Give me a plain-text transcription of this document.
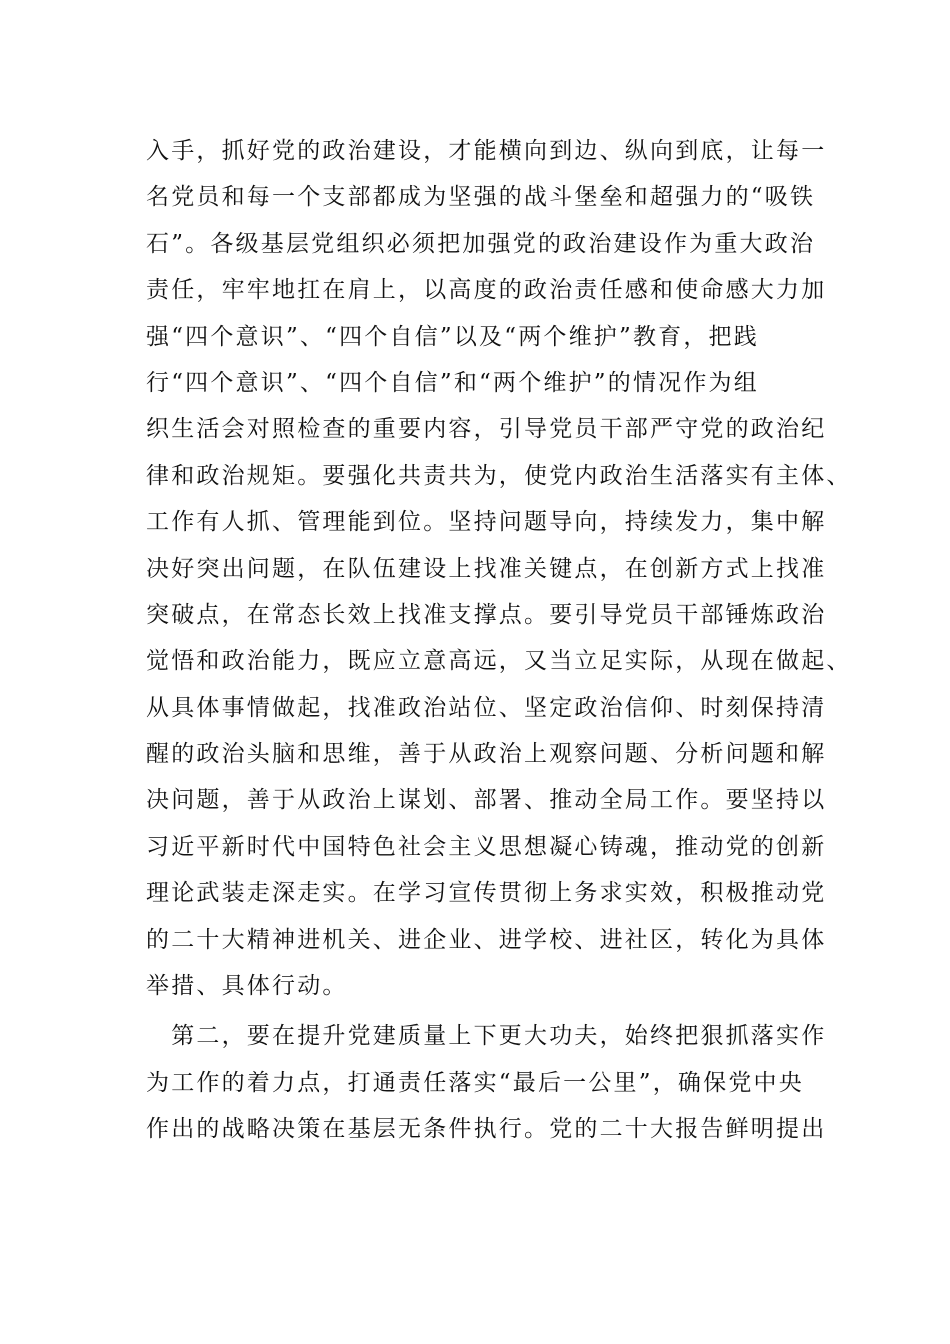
入手，抓好党的政治建设，才能横向到边、纵向到底，让每一
名党员和每一个支部都成为坚强的战斗堡垒和超强力的“吸铁
石”。各级基层党组织必须把加强党的政治建设作为重大政治
责任，牢牢地扛在肩上，以高度的政治责任感和使命感大力加
强“四个意识”、“四个自信”以及“两个维护”教育，把践
行“四个意识”、“四个自信”和“两个维护”的情况作为组
织生活会对照检查的重要内容，引导党员干部严守党的政治纪
律和政治规矩。要强化共责共为，使党内政治生活落实有主体、
工作有人抓、管理能到位。坚持问题导向，持续发力，集中解
决好突出问题，在队伍建设上找准关键点，在创新方式上找准
突破点，在常态长效上找准支撑点。要引导党员干部锤炼政治
觉悟和政治能力，既应立意高远，又当立足实际，从现在做起、
从具体事情做起，找准政治站位、坚定政治信仰、时刻保持清
醒的政治头脑和思维，善于从政治上观察问题、分析问题和解
决问题，善于从政治上谋划、部署、推动全局工作。要坚持以
习近平新时代中国特色社会主义思想凝心铸魂，推动党的创新
理论武装走深走实。在学习宣传贯彻上务求实效，积极推动党
的二十大精神进机关、进企业、进学校、进社区，转化为具体
举措、具体行动。
　第二，要在提升党建质量上下更大功夫，始终把狠抓落实作
为工作的着力点，打通责任落实“最后一公里”，确保党中央
作出的战略决策在基层无条件执行。党的二十大报告鲜明提出
